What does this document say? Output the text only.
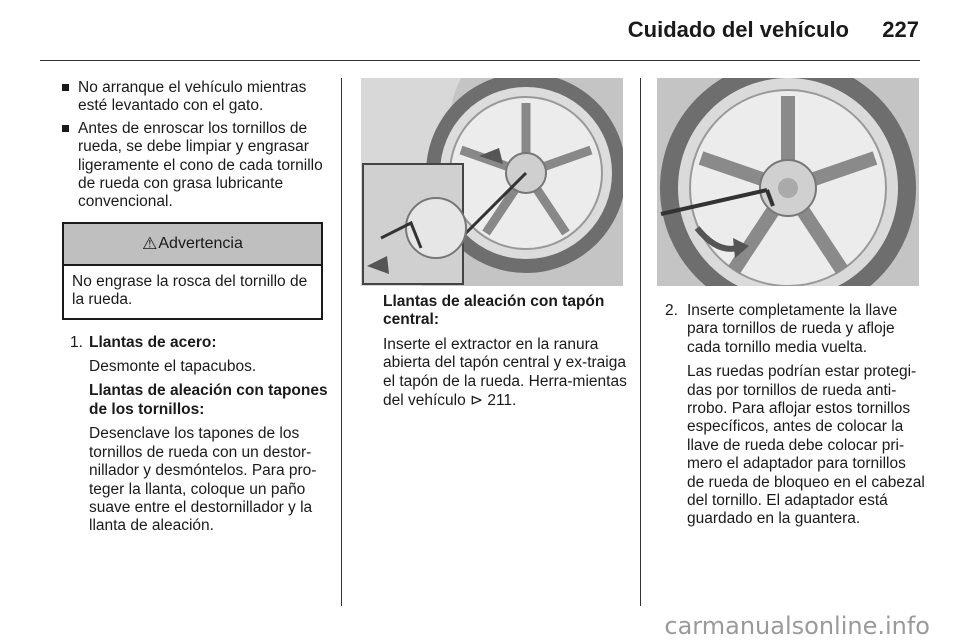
Cuidado del vehículo 227
No arranque el vehículo mientras esté levantado con el gato.
Antes de enroscar los tornillos de rueda, se debe limpiar y engrasar ligeramente el cono de cada tornillo de rueda con grasa lubricante convencional.
⚠ Advertencia
No engrase la rosca del tornillo de la rueda.
1. Llantas de acero:
Desmonte el tapacubos.
Llantas de aleación con tapones de los tornillos:
Desenclave los tapones de los tornillos de rueda con un destor-nillador y desmóntelos. Para pro-teger la llanta, coloque un paño suave entre el destornillador y la llanta de aleación.
Llantas de aleación con tapón central:
Inserte el extractor en la ranura abierta del tapón central y ex-traiga el tapón de la rueda. Herra-mientas del vehículo ⊳ 211.
2. Inserte completamente la llave para tornillos de rueda y afloje cada tornillo media vuelta.
Las ruedas podrían estar protegi-das por tornillos de rueda anti-rrobo. Para aflojar estos tornillos específicos, antes de colocar la llave de rueda debe colocar pri-mero el adaptador para tornillos de rueda de bloqueo en el cabezal del tornillo. El adaptador está guardado en la guantera.
carmanualsonline.info
